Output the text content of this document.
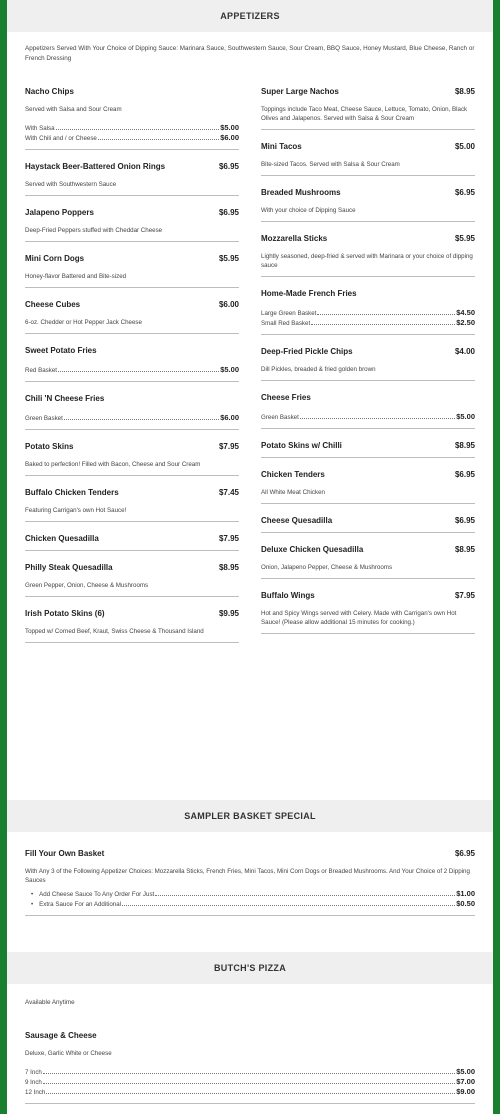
APPETIZERS
Appetizers Served With Your Choice of Dipping Sauce: Marinara Sauce, Southwestern Sauce, Sour Cream, BBQ Sauce, Honey Mustard, Blue Cheese, Ranch or French Dressing
Nacho Chips
Served with Salsa and Sour Cream
With Salsa	$5.00
With Chili and / or Cheese	$6.00
Haystack Beer-Battered Onion Rings	$6.95
Served with Southwestern Sauce
Jalapeno Poppers	$6.95
Deep-Fried Peppers stuffed with Cheddar Cheese
Mini Corn Dogs	$5.95
Honey-flavor Battered and Bite-sized
Cheese Cubes	$6.00
6-oz. Chedder or Hot Pepper Jack Cheese
Sweet Potato Fries
Red Basket	$5.00
Chili 'N Cheese Fries
Green Basket	$6.00
Potato Skins	$7.95
Baked to perfection! Filled with Bacon, Cheese and Sour Cream
Buffalo Chicken Tenders	$7.45
Featuring Carrigan's own Hot Sauce!
Chicken Quesadilla	$7.95
Philly Steak Quesadilla	$8.95
Green Pepper, Onion, Cheese & Mushrooms
Irish Potato Skins (6)	$9.95
Topped w/ Corned Beef, Kraut, Swiss Cheese & Thousand Island
Super Large Nachos	$8.95
Toppings include Taco Meat, Cheese Sauce, Lettuce, Tomato, Onion, Black Olives and Jalapenos. Served with Salsa & Sour Cream
Mini Tacos	$5.00
Bite-sized Tacos. Served with Salsa & Sour Cream
Breaded Mushrooms	$6.95
With your choice of Dipping Sauce
Mozzarella Sticks	$5.95
Lightly seasoned, deep-fried & served with Marinara or your choice of dipping sauce
Home-Made French Fries
Large Green Basket	$4.50
Small Red Basket	$2.50
Deep-Fried Pickle Chips	$4.00
Dill Pickles, breaded & fried golden brown
Cheese Fries
Green Basket	$5.00
Potato Skins w/ Chilli	$8.95
Chicken Tenders	$6.95
All White Meat Chicken
Cheese Quesadilla	$6.95
Deluxe Chicken Quesadilla	$8.95
Onion, Jalapeno Pepper, Cheese & Mushrooms
Buffalo Wings	$7.95
Hot and Spicy Wings served with Celery. Made with Carrigan's own Hot Sauce! (Please allow additional 15 minutes for cooking.)
SAMPLER BASKET SPECIAL
Fill Your Own Basket	$6.95
With Any 3 of the Following Appetizer Choices: Mozzarella Sticks, French Fries, Mini Tacos, Mini Corn Dogs or Breaded Mushrooms. And Your Choice of 2 Dipping Sauces
• Add Cheese Sauce To Any Order For Just	$1.00
• Extra Sauce For an Additional	$0.50
BUTCH'S PIZZA
Available Anytime
Sausage & Cheese
Deluxe, Garlic White or Cheese
7 Inch	$5.00
9 Inch	$7.00
12 Inch	$9.00
